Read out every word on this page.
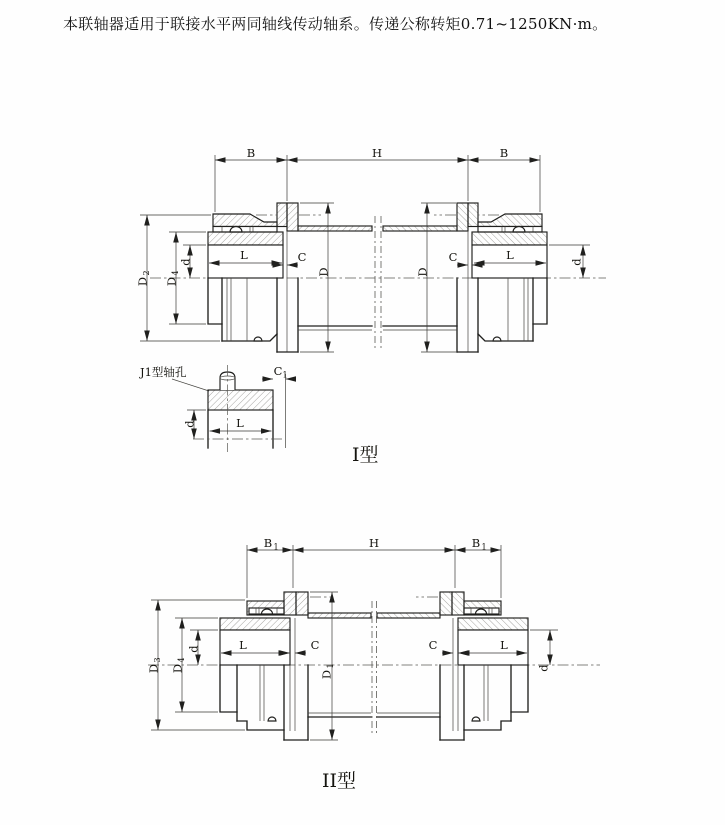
本联轴器适用于联接水平两同轴线传动轴系。传递公称转矩0.71~1250KN·m。
B	H	B
D
2
D
4
d	L	C
D	D
C	L	d
J1型轴孔
L
d
C 1
I型
B 1	H	B 1
D
3
D
4
d	L	C
D
1
C	L
d
II型
